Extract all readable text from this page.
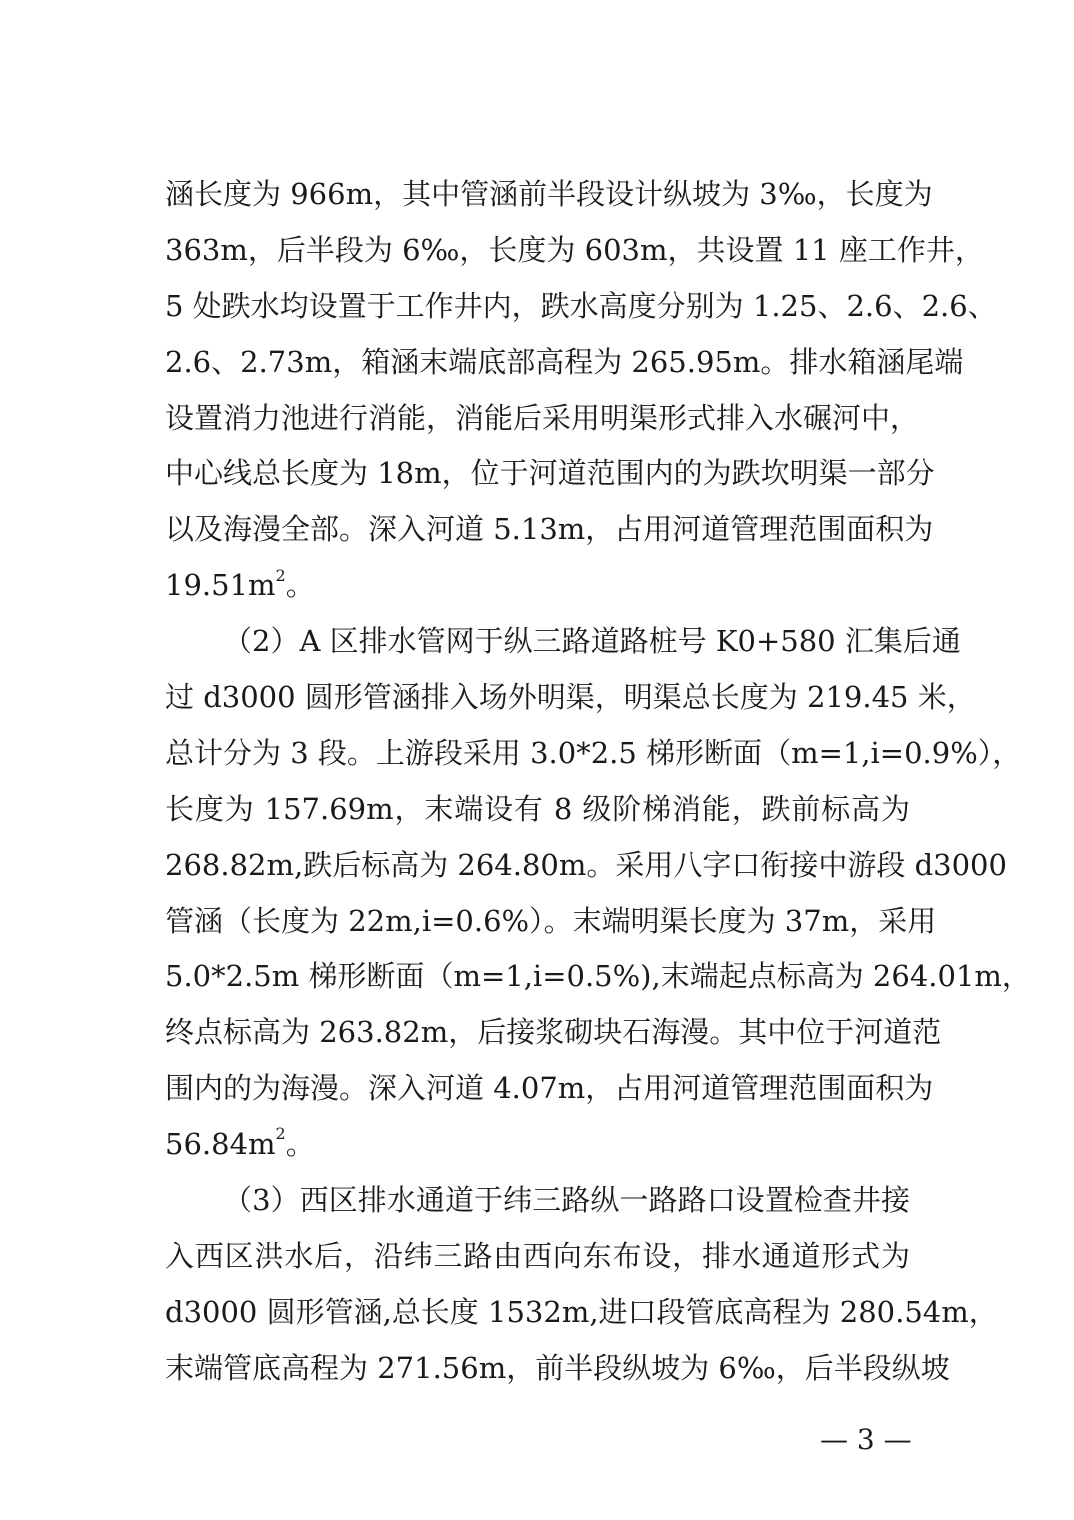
涵长度为 966m，其中管涵前半段设计纵坡为 3‰，长度为
363m，后半段为 6‰，长度为 603m，共设置 11 座工作井，
5 处跌水均设置于工作井内，跌水高度分别为 1.25、2.6、2.6、
2.6、2.73m，箱涵末端底部高程为 265.95m。排水箱涵尾端
设置消力池进行消能，消能后采用明渠形式排入水碾河中，
中心线总长度为 18m，位于河道范围内的为跌坎明渠一部分
以及海漫全部。深入河道 5.13m，占用河道管理范围面积为
$19.51m^2$。
（2）A 区排水管网于纵三路道路桩号 K0+580 汇集后通
过 d3000 圆形管涵排入场外明渠，明渠总长度为 219.45 米，
总计分为 3 段。上游段采用 3.0*2.5 梯形断面（m=1,i=0.9%），
长度为 157.69m，末端设有 8 级阶梯消能，跌前标高为
268.82m,跌后标高为 264.80m。采用八字口衔接中游段 d3000
管涵（长度为 22m,i=0.6%）。末端明渠长度为 37m，采用
5.0*2.5m 梯形断面（m=1,i=0.5%),末端起点标高为 264.01m，
终点标高为 263.82m，后接浆砌块石海漫。其中位于河道范
围内的为海漫。深入河道 4.07m，占用河道管理范围面积为
$56.84m^2$。
（3）西区排水通道于纬三路纵一路路口设置检查井接
入西区洪水后，沿纬三路由西向东布设，排水通道形式为
d3000 圆形管涵,总长度 1532m,进口段管底高程为 280.54m，
末端管底高程为 271.56m，前半段纵坡为 6‰，后半段纵坡
— 3 —
